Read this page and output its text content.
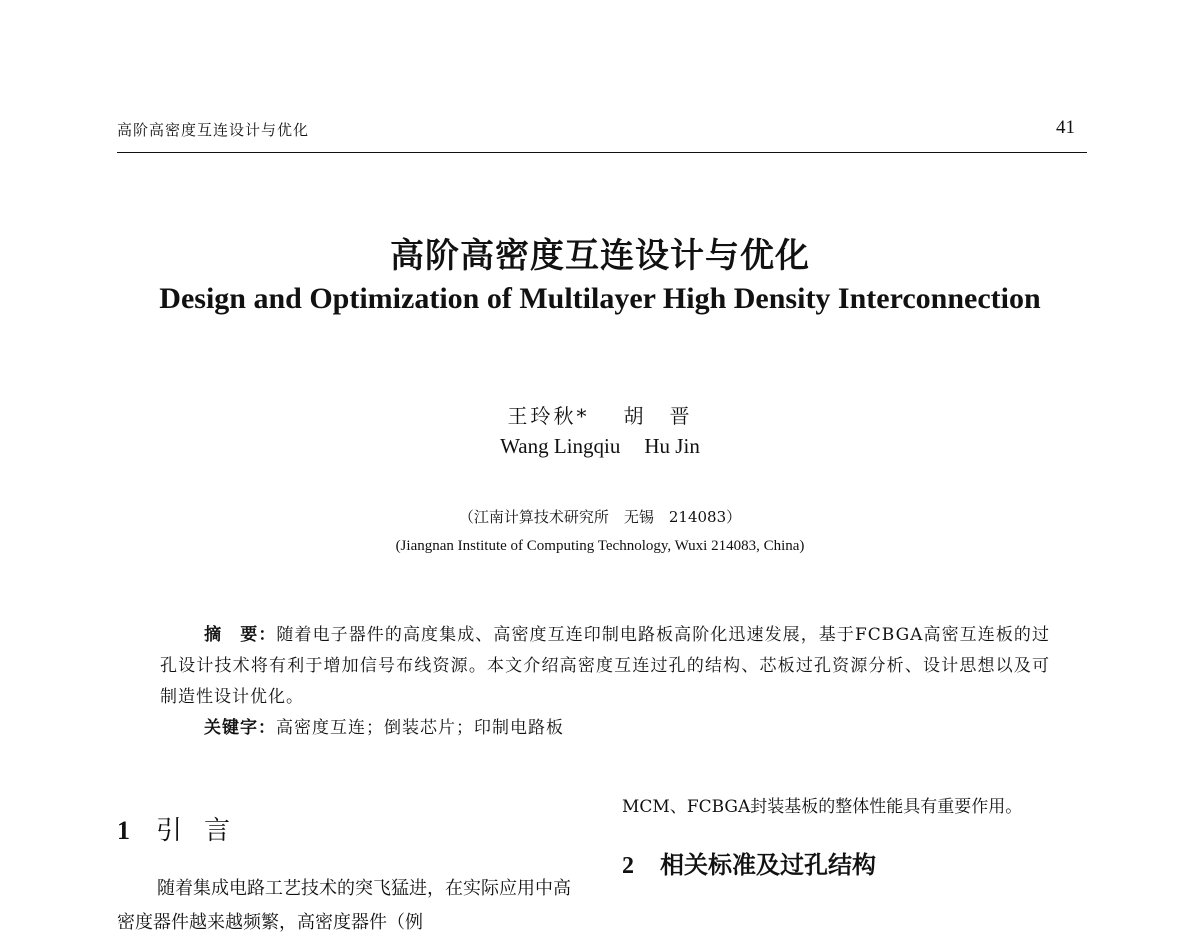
高阶高密度互连设计与优化	41
高阶高密度互连设计与优化
Design and Optimization of Multilayer High Density Interconnection
王玲秋* 胡　晋
Wang Lingqiu Hu Jin
（江南计算技术研究所　无锡　214083）
(Jiangnan Institute of Computing Technology, Wuxi 214083, China)

摘　要：随着电子器件的高度集成、高密度互连印制电路板高阶化迅速发展，基于FCBGA高密互连板的过孔设计技术将有利于增加信号布线资源。本文介绍高密度互连过孔的结构、芯板过孔资源分析、设计思想以及可制造性设计优化。

关键字：高密度互连；倒装芯片；印制电路板

1 引言

随着集成电路工艺技术的突飞猛进，在实际应用中高密度器件越来越频繁，高密度器件（例

MCM、FCBGA封装基板的整体性能具有重要作用。
2 相关标准及过孔结构
